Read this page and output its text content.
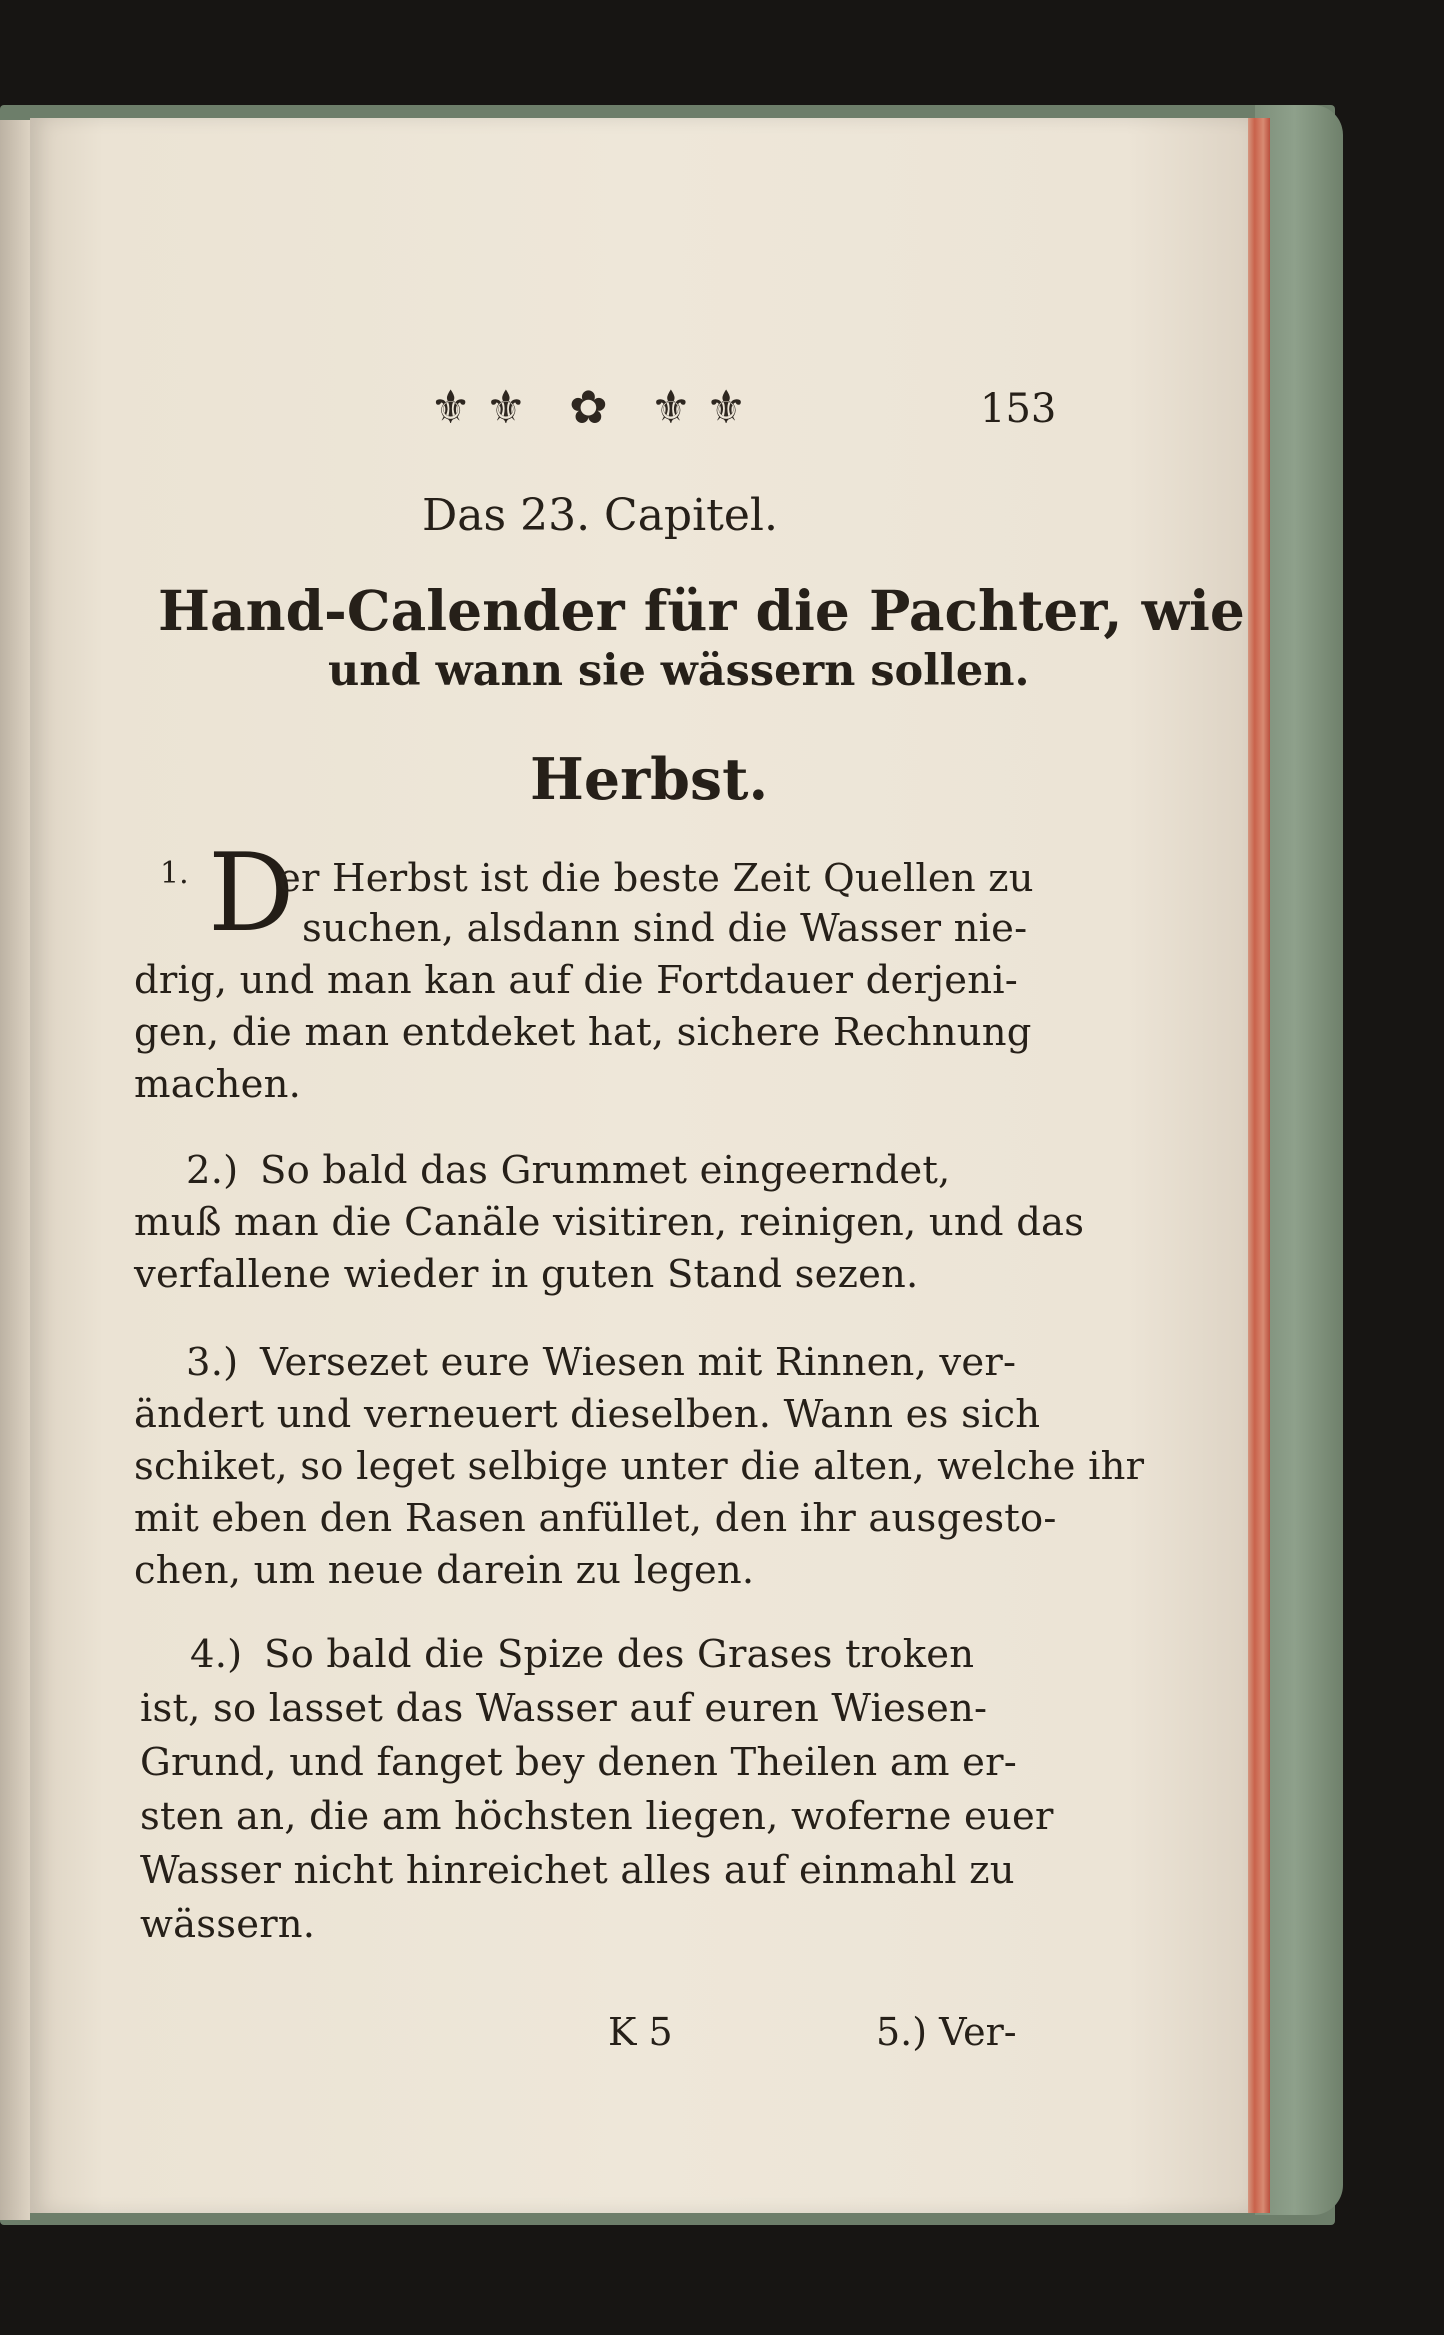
⚜⚜ ✿ ⚜⚜	153
Das 23. Capitel.
Hand-Calender für die Pachter, wie
und wann sie wässern sollen.
Herbst.
1. D
er Herbst ist die beste Zeit Quellen zu
suchen, alsdann sind die Wasser nie-
drig, und man kan auf die Fortdauer derjeni-
gen, die man entdeket hat, sichere Rechnung
machen.
2.) So bald das Grummet eingeerndet,
muß man die Canäle visitiren, reinigen, und das
verfallene wieder in guten Stand sezen.
3.) Versezet eure Wiesen mit Rinnen, ver-
ändert und verneuert dieselben. Wann es sich
schiket, so leget selbige unter die alten, welche ihr
mit eben den Rasen anfüllet, den ihr ausgesto-
chen, um neue darein zu legen.
4.) So bald die Spize des Grases troken
ist, so lasset das Wasser auf euren Wiesen-
Grund, und fanget bey denen Theilen am er-
sten an, die am höchsten liegen, woferne euer
Wasser nicht hinreichet alles auf einmahl zu
wässern.
K 5	5.) Ver-
